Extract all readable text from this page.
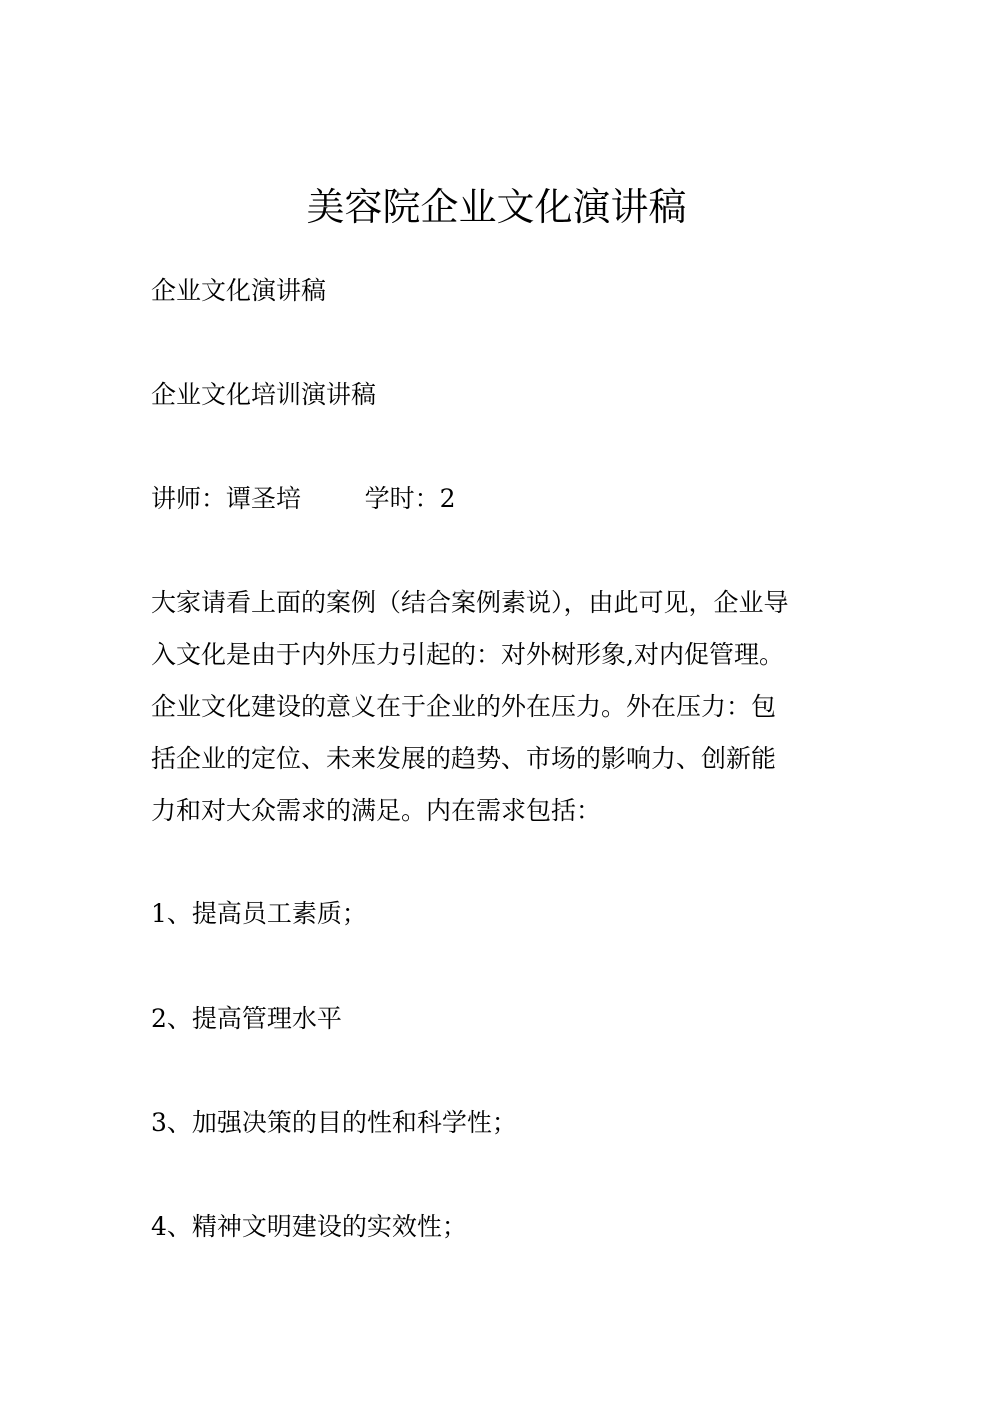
美容院企业文化演讲稿
企业文化演讲稿
企业文化培训演讲稿
讲师：谭圣培        学时：2
大家请看上面的案例（结合案例素说），由此可见，企业导
入文化是由于内外压力引起的：对外树形象,对内促管理。
企业文化建设的意义在于企业的外在压力。外在压力：包
括企业的定位、未来发展的趋势、市场的影响力、创新能
力和对大众需求的满足。内在需求包括：
1、提高员工素质；
2、提高管理水平
3、加强决策的目的性和科学性；
4、精神文明建设的实效性；
